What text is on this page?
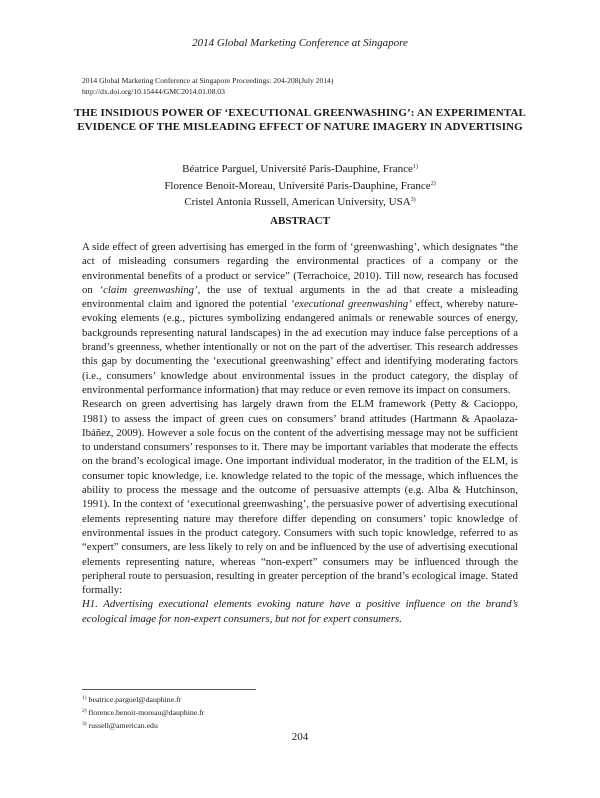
2014 Global Marketing Conference at Singapore
2014 Global Marketing Conference at Singapore Proceedings: 204-208(July 2014)
http://dx.doi.org/10.15444/GMC2014.01.08.03
THE INSIDIOUS POWER OF ‘EXECUTIONAL GREENWASHING’: AN EXPERIMENTAL EVIDENCE OF THE MISLEADING EFFECT OF NATURE IMAGERY IN ADVERTISING
Béatrice Parguel, Université Paris-Dauphine, France$^{1)}$
Florence Benoit-Moreau, Université Paris-Dauphine, France$^{2)}$
Cristel Antonia Russell, American University, USA$^{3)}$
ABSTRACT

A side effect of green advertising has emerged in the form of ‘greenwashing’, which designates “the act of misleading consumers regarding the environmental practices of a company or the environmental benefits of a product or service” (Terrachoice, 2010). Till now, research has focused on ‘claim greenwashing’, the use of textual arguments in the ad that create a misleading environmental claim and ignored the potential ‘executional greenwashing’ effect, whereby nature-evoking elements (e.g., pictures symbolizing endangered animals or renewable sources of energy, backgrounds representing natural landscapes) in the ad execution may induce false perceptions of a brand’s greenness, whether intentionally or not on the part of the advertiser. This research addresses this gap by documenting the ‘executional greenwashing’ effect and identifying moderating factors (i.e., consumers’ knowledge about environmental issues in the product category, the display of environmental performance information) that may reduce or even remove its impact on consumers.

Research on green advertising has largely drawn from the ELM framework (Petty & Cacioppo, 1981) to assess the impact of green cues on consumers’ brand attitudes (Hartmann & Apaolaza-Ibáñez, 2009). However a sole focus on the content of the advertising message may not be sufficient to understand consumers’ responses to it. There may be important variables that moderate the effects on the brand’s ecological image. One important individual moderator, in the tradition of the ELM, is consumer topic knowledge, i.e. knowledge related to the topic of the message, which influences the ability to process the message and the outcome of persuasive attempts (e.g. Alba & Hutchinson, 1991). In the context of ‘executional greenwashing’, the persuasive power of advertising executional elements representing nature may therefore differ depending on consumers’ topic knowledge of environmental issues in the product category. Consumers with such topic knowledge, referred to as “expert” consumers, are less likely to rely on and be influenced by the use of advertising executional elements representing nature, whereas “non-expert” consumers may be influenced through the peripheral route to persuasion, resulting in greater perception of the brand’s ecological image. Stated formally:

H1. Advertising executional elements evoking nature have a positive influence on the brand’s ecological image for non-expert consumers, but not for expert consumers.

$^{1)}$ beatrice.parguel@dauphine.fr
$^{2)}$ florence.benoit-moreau@dauphine.fr
$^{3)}$ russell@american.edu
204
